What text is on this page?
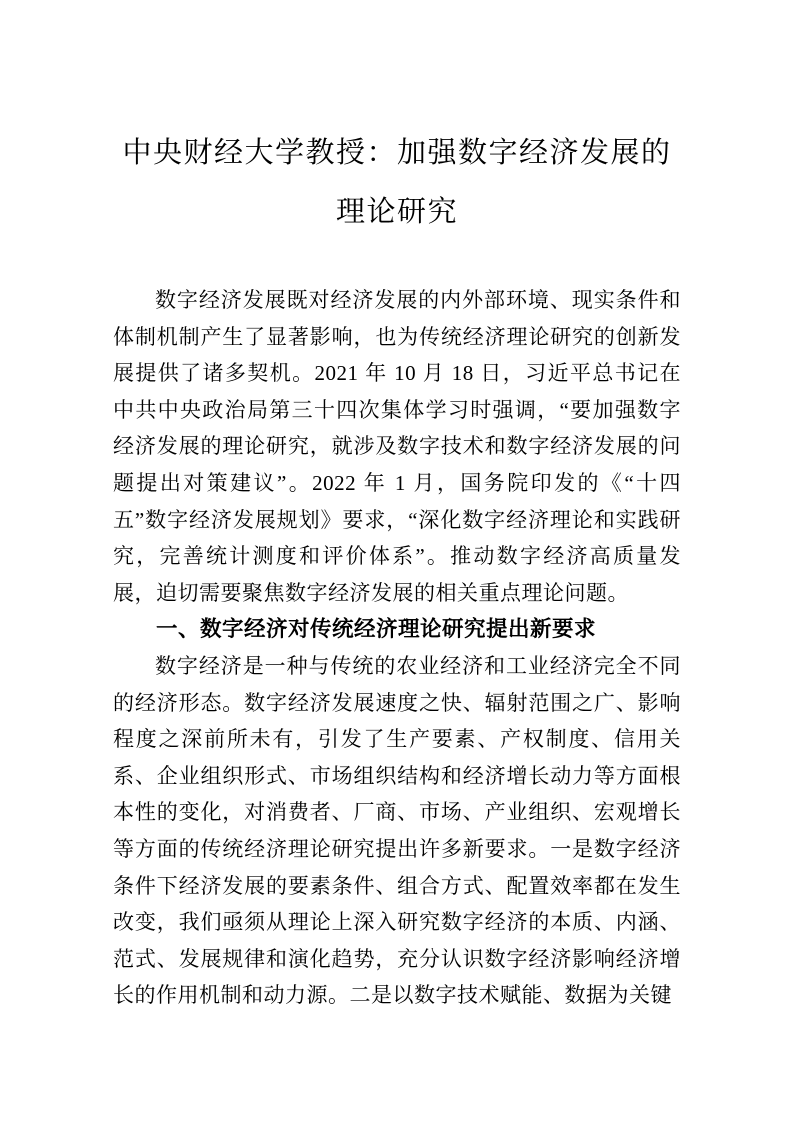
中央财经大学教授：加强数字经济发展的理论研究

数字经济发展既对经济发展的内外部环境、现实条件和体制机制产生了显著影响，也为传统经济理论研究的创新发展提供了诸多契机。2021 年 10 月 18 日，习近平总书记在中共中央政治局第三十四次集体学习时强调，“要加强数字经济发展的理论研究，就涉及数字技术和数字经济发展的问题提出对策建议”。2022 年 1 月，国务院印发的《“十四五”数字经济发展规划》要求，“深化数字经济理论和实践研究，完善统计测度和评价体系”。推动数字经济高质量发展，迫切需要聚焦数字经济发展的相关重点理论问题。

一、数字经济对传统经济理论研究提出新要求

数字经济是一种与传统的农业经济和工业经济完全不同的经济形态。数字经济发展速度之快、辐射范围之广、影响程度之深前所未有，引发了生产要素、产权制度、信用关系、企业组织形式、市场组织结构和经济增长动力等方面根本性的变化，对消费者、厂商、市场、产业组织、宏观增长等方面的传统经济理论研究提出许多新要求。一是数字经济条件下经济发展的要素条件、组合方式、配置效率都在发生改变，我们亟须从理论上深入研究数字经济的本质、内涵、范式、发展规律和演化趋势，充分认识数字经济影响经济增长的作用机制和动力源。二是以数字技术赋能、数据为关键
